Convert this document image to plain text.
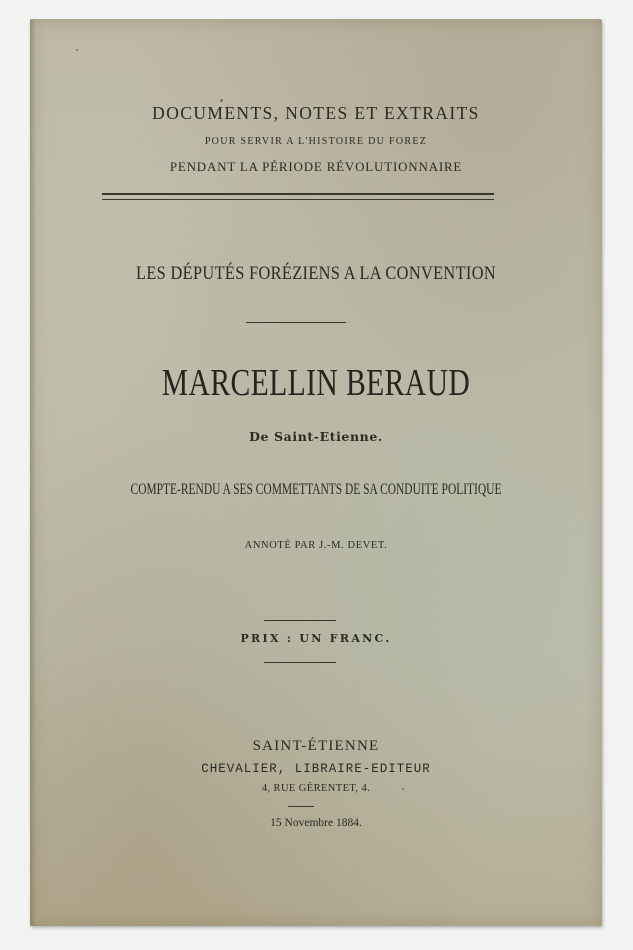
DOCUMENTS, NOTES ET EXTRAITS
POUR SERVIR A L'HISTOIRE DU FOREZ
PENDANT LA PÉRIODE RÉVOLUTIONNAIRE
LES DÉPUTÉS FORÉZIENS A LA CONVENTION
MARCELLIN BERAUD
De Saint-Etienne.
COMPTE-RENDU A SES COMMETTANTS DE SA CONDUITE POLITIQUE
ANNOTÉ PAR J.-M. DEVET.
PRIX : UN FRANC.
SAINT-ÉTIENNE
CHEVALIER, LIBRAIRE-EDITEUR
4, RUE GÉRENTET, 4.
15 Novembre 1884.
